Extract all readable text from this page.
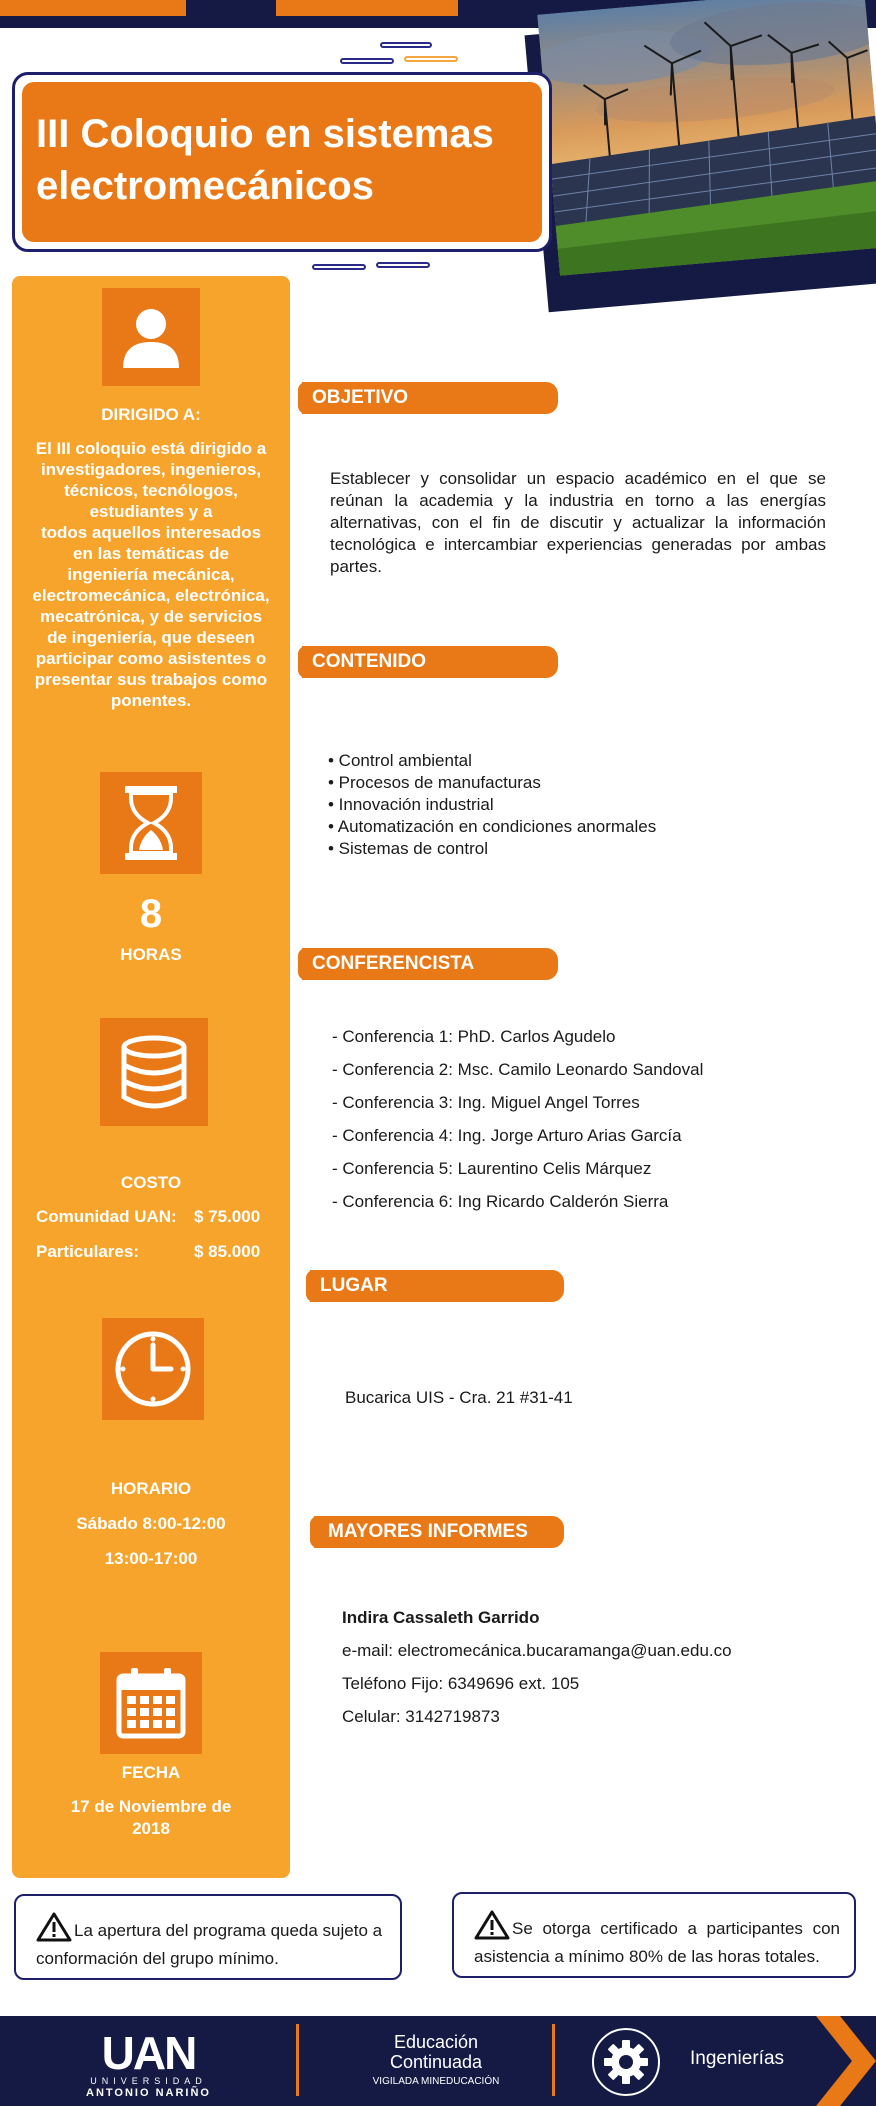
III Coloquio en sistemas
electromecánicos
DIRIGIDO A:
El III coloquio está dirigido a
investigadores, ingenieros,
técnicos, tecnólogos,
estudiantes y a
todos aquellos interesados
en las temáticas de
ingeniería mecánica,
electromecánica, electrónica,
mecatrónica, y de servicios
de ingeniería, que deseen
participar como asistentes o
presentar sus trabajos como
ponentes.
8
HORAS
COSTO
Comunidad UAN: $ 75.000
Particulares:	$ 85.000
HORARIO
Sábado 8:00-12:00
13:00-17:00
FECHA
17 de Noviembre de
2018
OBJETIVO
Establecer y consolidar un espacio académico en el que se reúnan la academia y la industria en torno a las energías alternativas, con el fin de discutir y actualizar la información tecnológica e intercambiar experiencias generadas por ambas partes.
CONTENIDO
• Control ambiental
• Procesos de manufacturas
• Innovación industrial
• Automatización en condiciones anormales
• Sistemas de control
CONFERENCISTA
- Conferencia 1: PhD. Carlos Agudelo
- Conferencia 2: Msc. Camilo Leonardo Sandoval
- Conferencia 3: Ing. Miguel Angel Torres
- Conferencia 4: Ing. Jorge Arturo Arias García
- Conferencia 5: Laurentino Celis Márquez
- Conferencia 6: Ing Ricardo Calderón Sierra
LUGAR
Bucarica UIS - Cra. 21 #31-41
MAYORES INFORMES
Indira Cassaleth Garrido
e-mail: electromecánica.bucaramanga@uan.edu.co
Teléfono Fijo: 6349696 ext. 105
Celular: 3142719873
La apertura del programa queda sujeto a conformación del grupo mínimo.
Se otorga certificado a participantes con asistencia a mínimo 80% de las horas totales.
UAN
UNIVERSIDAD
ANTONIO NARIÑO
Educación
Continuada
VIGILADA MINEDUCACIÓN
Ingenierías
